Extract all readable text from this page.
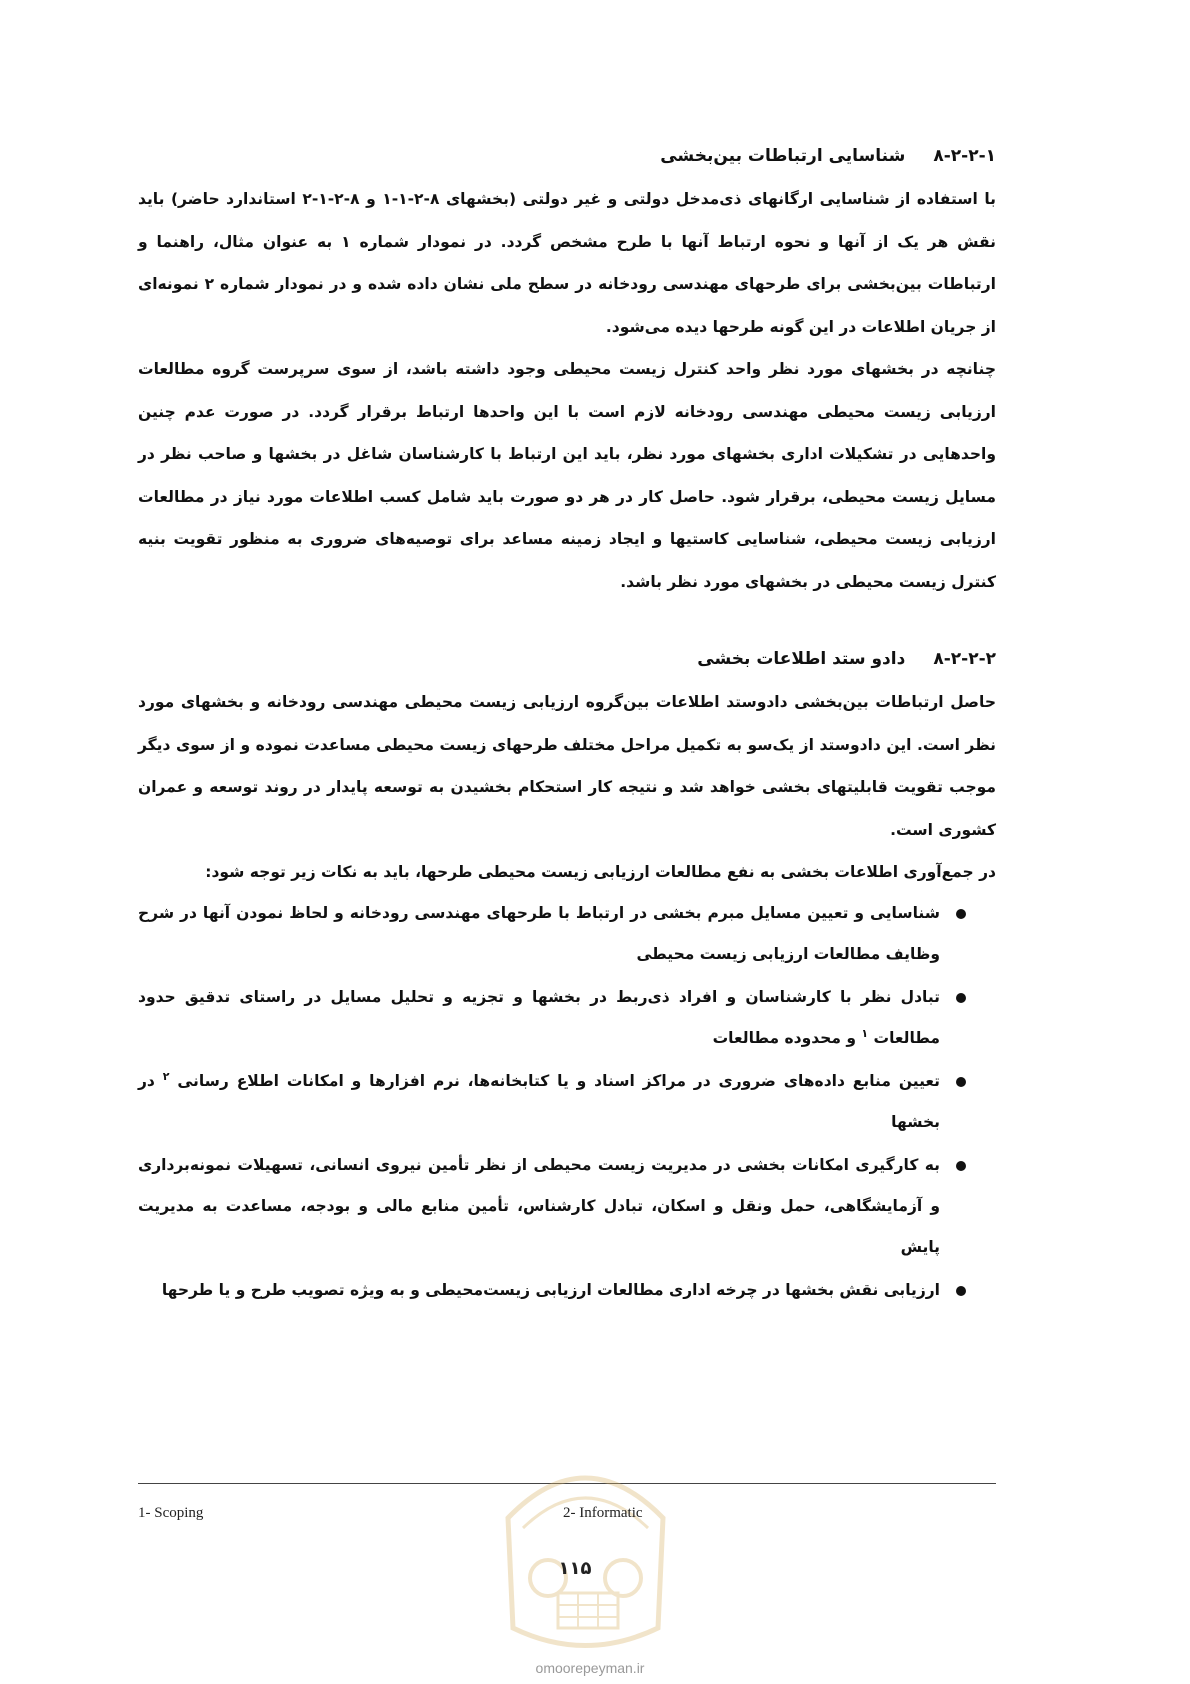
۸-۲-۲-۱
شناسایی ارتباطات بین‌بخشی

با استفاده از شناسایی ارگانهای ذی‌مدخل دولتی و غیر دولتی (بخشهای ۸-۲-۱-۱ و ۸-۲-۱-۲ استاندارد حاضر) باید نقش هر یک از آنها و نحوه ارتباط آنها با طرح مشخص گردد. در نمودار شماره ۱ به عنوان مثال، راهنما و ارتباطات بین‌بخشی برای طرحهای مهندسی رودخانه در سطح ملی نشان داده شده و در نمودار شماره ۲ نمونه‌ای از جریان اطلاعات در این گونه طرحها دیده می‌شود.

چنانچه در بخشهای مورد نظر واحد کنترل زیست محیطی وجود داشته باشد، از سوی سرپرست گروه مطالعات ارزیابی زیست محیطی مهندسی رودخانه لازم است با این واحدها ارتباط برقرار گردد. در صورت عدم چنین واحدهایی در تشکیلات اداری بخشهای مورد نظر، باید این ارتباط با کارشناسان شاغل در بخشها و صاحب نظر در مسایل زیست محیطی، برقرار شود. حاصل کار در هر دو صورت باید شامل کسب اطلاعات مورد نیاز در مطالعات ارزیابی زیست محیطی، شناسایی کاستیها و ایجاد زمینه مساعد برای توصیه‌های ضروری به منظور تقویت بنیه کنترل زیست محیطی در بخشهای مورد نظر باشد.

۸-۲-۲-۲
دادو ستد اطلاعات بخشی

حاصل ارتباطات بین‌بخشی دادوستد اطلاعات بین‌گروه ارزیابی زیست محیطی مهندسی رودخانه و بخشهای مورد نظر است. این دادوستد از یک‌سو به تکمیل مراحل مختلف طرحهای زیست محیطی مساعدت نموده و از سوی دیگر موجب تقویت قابلیتهای بخشی خواهد شد و نتیجه کار استحکام بخشیدن به توسعه پایدار در روند توسعه و عمران کشوری است.

در جمع‌آوری اطلاعات بخشی به نفع مطالعات ارزیابی زیست محیطی طرحها، باید به نکات زیر توجه شود:

شناسایی و تعیین مسایل مبرم بخشی در ارتباط با طرحهای مهندسی رودخانه و لحاظ نمودن آنها در شرح وظایف مطالعات ارزیابی زیست محیطی
تبادل نظر با کارشناسان و افراد ذی‌ربط در بخشها و تجزیه و تحلیل مسایل در راستای تدقیق حدود مطالعات $^۱$ و محدوده مطالعات
تعیین منابع داده‌های ضروری در مراکز اسناد و یا کتابخانه‌ها، نرم افزارها و امکانات اطلاع رسانی $^۲$ در بخشها
به کارگیری امکانات بخشی در مدیریت زیست محیطی از نظر تأمین نیروی انسانی، تسهیلات نمونه‌برداری و آزمایشگاهی، حمل ونقل و اسکان، تبادل کارشناس، تأمین منابع مالی و بودجه، مساعدت به مدیریت پایش
ارزیابی نقش بخشها در چرخه اداری مطالعات ارزیابی زیست‌محیطی و به ویژه تصویب طرح و یا طرحها
1- Scoping	2- Informatic
۱۱۵
omoorepeyman.ir
